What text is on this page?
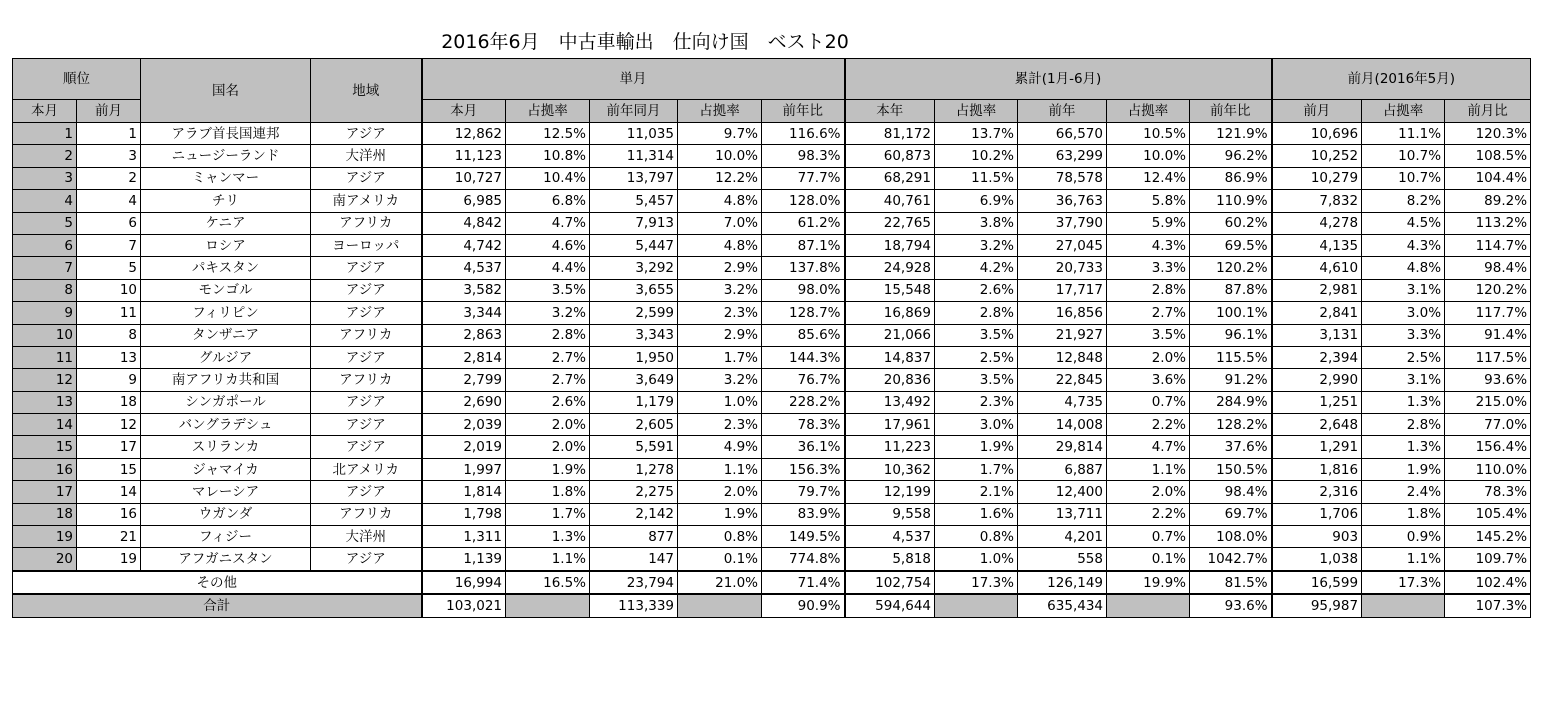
2016年6月　中古車輸出　仕向け国　ベスト20
順位		国名	地域	単月					累計(1月-6月)					前月(2016年5月)		
本月	前月			本月	占拠率	前年同月	占拠率	前年比	本年	占拠率	前年	占拠率	前年比	前月	占拠率	前月比
1	1	アラブ首長国連邦	アジア	12,862	12.5%	11,035	9.7%	116.6%	81,172	13.7%	66,570	10.5%	121.9%	10,696	11.1%	120.3%
2	3	ニュージーランド	大洋州	11,123	10.8%	11,314	10.0%	98.3%	60,873	10.2%	63,299	10.0%	96.2%	10,252	10.7%	108.5%
3	2	ミャンマー	アジア	10,727	10.4%	13,797	12.2%	77.7%	68,291	11.5%	78,578	12.4%	86.9%	10,279	10.7%	104.4%
4	4	チリ	南アメリカ	6,985	6.8%	5,457	4.8%	128.0%	40,761	6.9%	36,763	5.8%	110.9%	7,832	8.2%	89.2%
5	6	ケニア	アフリカ	4,842	4.7%	7,913	7.0%	61.2%	22,765	3.8%	37,790	5.9%	60.2%	4,278	4.5%	113.2%
6	7	ロシア	ヨーロッパ	4,742	4.6%	5,447	4.8%	87.1%	18,794	3.2%	27,045	4.3%	69.5%	4,135	4.3%	114.7%
7	5	パキスタン	アジア	4,537	4.4%	3,292	2.9%	137.8%	24,928	4.2%	20,733	3.3%	120.2%	4,610	4.8%	98.4%
8	10	モンゴル	アジア	3,582	3.5%	3,655	3.2%	98.0%	15,548	2.6%	17,717	2.8%	87.8%	2,981	3.1%	120.2%
9	11	フィリピン	アジア	3,344	3.2%	2,599	2.3%	128.7%	16,869	2.8%	16,856	2.7%	100.1%	2,841	3.0%	117.7%
10	8	タンザニア	アフリカ	2,863	2.8%	3,343	2.9%	85.6%	21,066	3.5%	21,927	3.5%	96.1%	3,131	3.3%	91.4%
11	13	グルジア	アジア	2,814	2.7%	1,950	1.7%	144.3%	14,837	2.5%	12,848	2.0%	115.5%	2,394	2.5%	117.5%
12	9	南アフリカ共和国	アフリカ	2,799	2.7%	3,649	3.2%	76.7%	20,836	3.5%	22,845	3.6%	91.2%	2,990	3.1%	93.6%
13	18	シンガポール	アジア	2,690	2.6%	1,179	1.0%	228.2%	13,492	2.3%	4,735	0.7%	284.9%	1,251	1.3%	215.0%
14	12	バングラデシュ	アジア	2,039	2.0%	2,605	2.3%	78.3%	17,961	3.0%	14,008	2.2%	128.2%	2,648	2.8%	77.0%
15	17	スリランカ	アジア	2,019	2.0%	5,591	4.9%	36.1%	11,223	1.9%	29,814	4.7%	37.6%	1,291	1.3%	156.4%
16	15	ジャマイカ	北アメリカ	1,997	1.9%	1,278	1.1%	156.3%	10,362	1.7%	6,887	1.1%	150.5%	1,816	1.9%	110.0%
17	14	マレーシア	アジア	1,814	1.8%	2,275	2.0%	79.7%	12,199	2.1%	12,400	2.0%	98.4%	2,316	2.4%	78.3%
18	16	ウガンダ	アフリカ	1,798	1.7%	2,142	1.9%	83.9%	9,558	1.6%	13,711	2.2%	69.7%	1,706	1.8%	105.4%
19	21	フィジー	大洋州	1,311	1.3%	877	0.8%	149.5%	4,537	0.8%	4,201	0.7%	108.0%	903	0.9%	145.2%
20	19	アフガニスタン	アジア	1,139	1.1%	147	0.1%	774.8%	5,818	1.0%	558	0.1%	1042.7%	1,038	1.1%	109.7%
その他				16,994	16.5%	23,794	21.0%	71.4%	102,754	17.3%	126,149	19.9%	81.5%	16,599	17.3%	102.4%
合計				103,021		113,339		90.9%	594,644		635,434		93.6%	95,987		107.3%
